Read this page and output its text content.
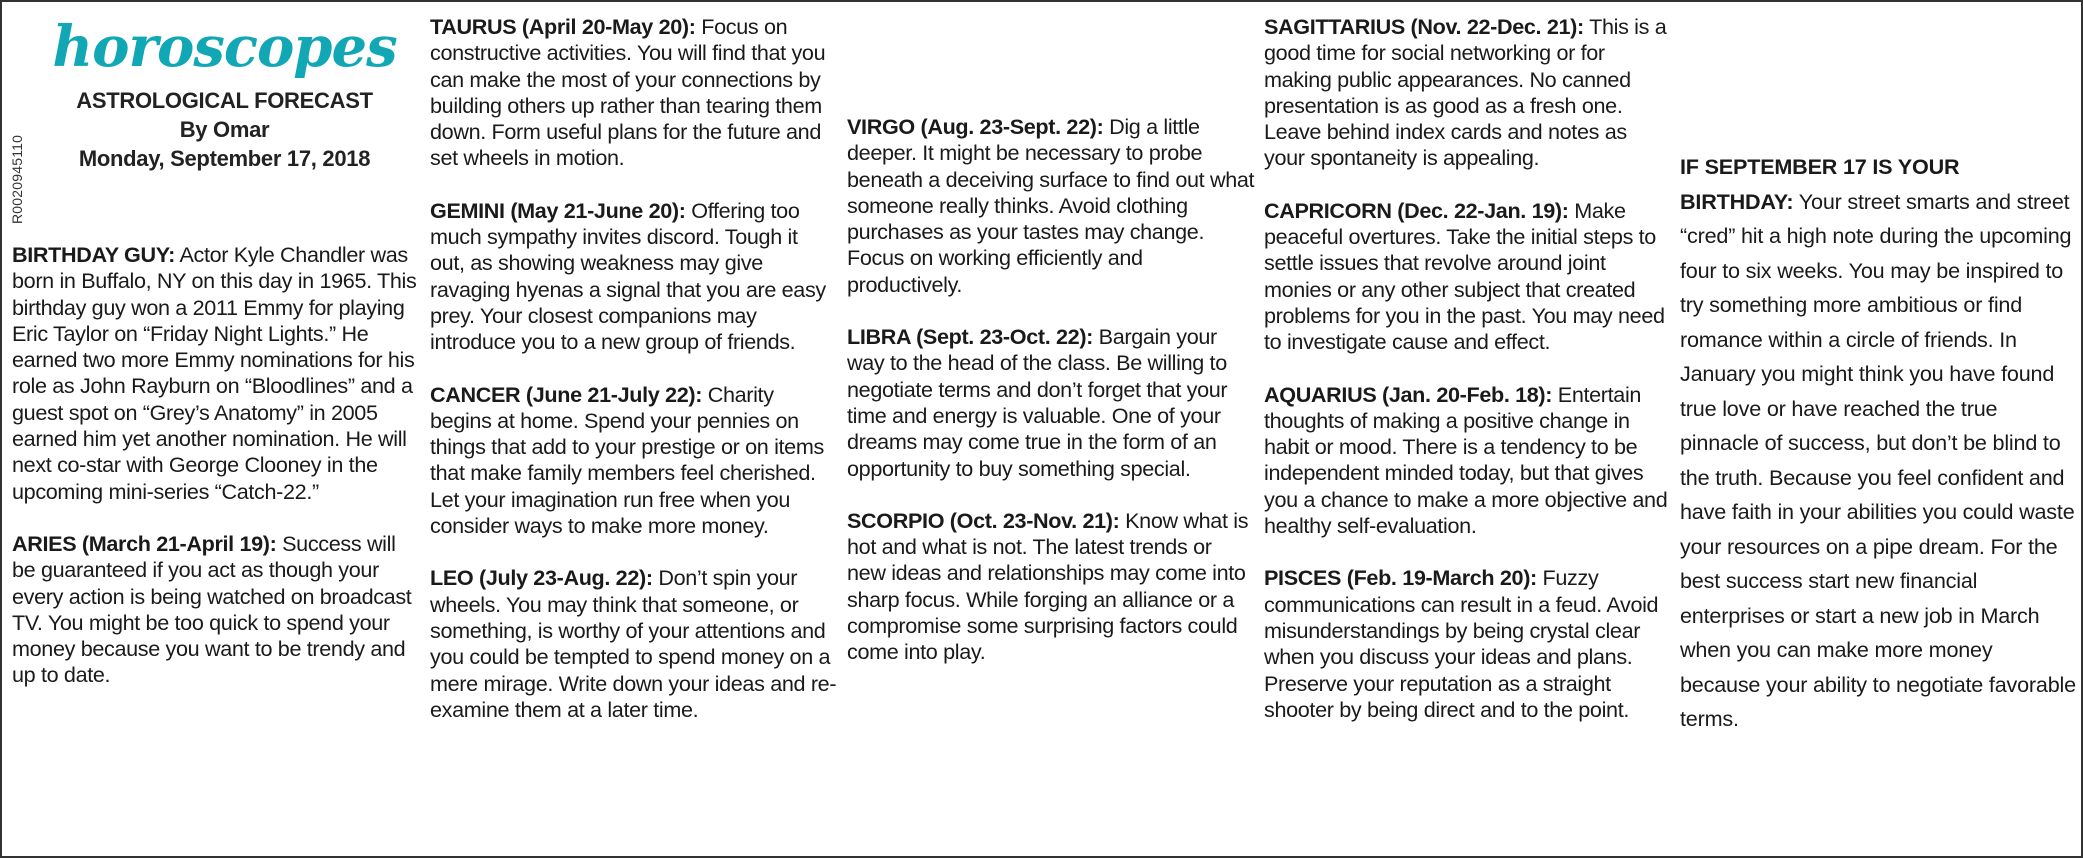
R0020945110
horoscopes
ASTROLOGICAL FORECAST
By Omar
Monday, September 17, 2018

BIRTHDAY GUY: Actor Kyle Chandler was born in Buffalo, NY on this day in 1965. This birthday guy won a 2011 Emmy for playing Eric Taylor on “Friday Night Lights.” He earned two more Emmy nominations for his role as John Rayburn on “Bloodlines” and a guest spot on “Grey’s Anatomy” in 2005 earned him yet another nomination. He will next co-star with George Clooney in the upcoming mini-series “Catch-22.”

ARIES (March 21-April 19): Success will be guaranteed if you act as though your every action is being watched on broadcast TV. You might be too quick to spend your money because you want to be trendy and up to date.

TAURUS (April 20-May 20): Focus on constructive activities. You will find that you can make the most of your connections by building others up rather than tearing them down. Form useful plans for the future and set wheels in motion.

GEMINI (May 21-June 20): Offering too much sympathy invites discord. Tough it out, as showing weakness may give ravaging hyenas a signal that you are easy prey. Your closest companions may introduce you to a new group of friends.

CANCER (June 21-July 22): Charity begins at home. Spend your pennies on things that add to your prestige or on items that make family members feel cherished. Let your imagination run free when you consider ways to make more money.

LEO (July 23-Aug. 22): Don’t spin your wheels. You may think that someone, or something, is worthy of your attentions and you could be tempted to spend money on a mere mirage. Write down your ideas and re-examine them at a later time.

VIRGO (Aug. 23-Sept. 22): Dig a little deeper. It might be necessary to probe beneath a deceiving surface to find out what someone really thinks. Avoid clothing purchases as your tastes may change. Focus on working efficiently and productively.

LIBRA (Sept. 23-Oct. 22): Bargain your way to the head of the class. Be willing to negotiate terms and don’t forget that your time and energy is valuable. One of your dreams may come true in the form of an opportunity to buy something special.

SCORPIO (Oct. 23-Nov. 21): Know what is hot and what is not. The latest trends or new ideas and relationships may come into sharp focus. While forging an alliance or a compromise some surprising factors could come into play.

SAGITTARIUS (Nov. 22-Dec. 21): This is a good time for social networking or for making public appearances. No canned presentation is as good as a fresh one. Leave behind index cards and notes as your spontaneity is appealing.

CAPRICORN (Dec. 22-Jan. 19): Make peaceful overtures. Take the initial steps to settle issues that revolve around joint monies or any other subject that created problems for you in the past. You may need to investigate cause and effect.

AQUARIUS (Jan. 20-Feb. 18): Entertain thoughts of making a positive change in habit or mood. There is a tendency to be independent minded today, but that gives you a chance to make a more objective and healthy self-evaluation.

PISCES (Feb. 19-March 20): Fuzzy communications can result in a feud. Avoid misunderstandings by being crystal clear when you discuss your ideas and plans. Preserve your reputation as a straight shooter by being direct and to the point.

IF SEPTEMBER 17 IS YOUR
BIRTHDAY: Your street smarts and street “cred” hit a high note during the upcoming four to six weeks. You may be inspired to try something more ambitious or find romance within a circle of friends. In January you might think you have found true love or have reached the true pinnacle of success, but don’t be blind to the truth. Because you feel confident and have faith in your abilities you could waste your resources on a pipe dream. For the best success start new financial enterprises or start a new job in March when you can make more money because your ability to negotiate favorable terms.
